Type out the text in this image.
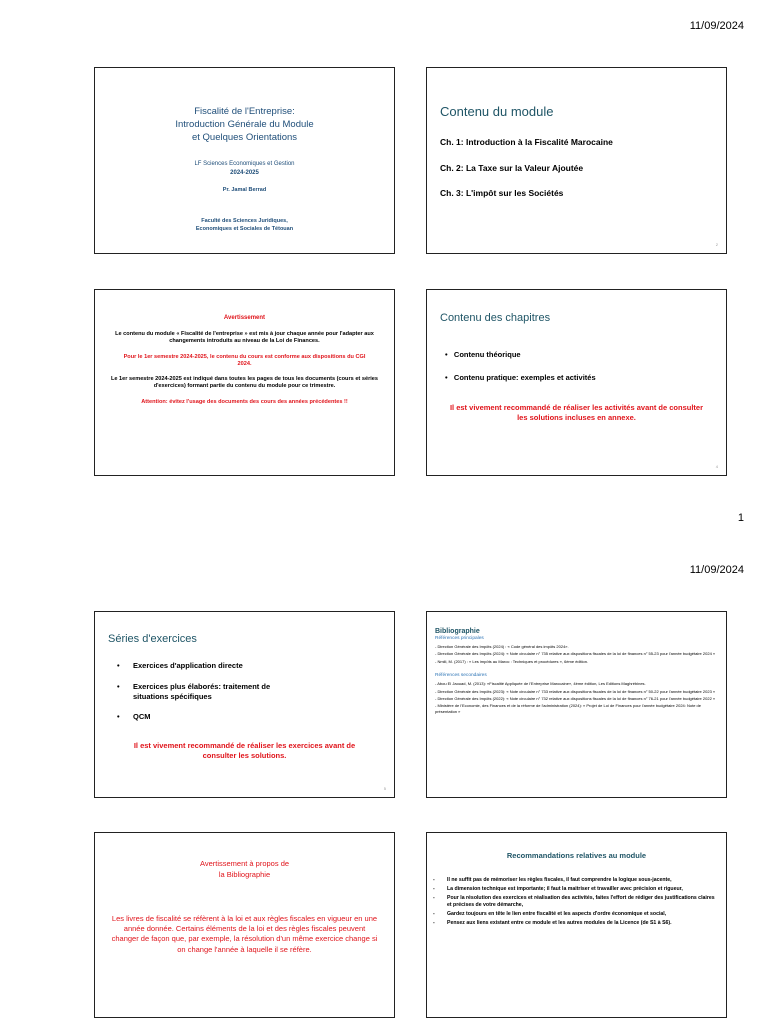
11/09/2024
Fiscalité de l'Entreprise:
Introduction Générale du Module
et Quelques Orientations
LF Sciences Economiques et Gestion
2024-2025
Pr. Jamal Berrad
Faculté des Sciences Juridiques,
Economiques et Sociales de Tétouan
Contenu du module
Ch. 1: Introduction à la Fiscalité Marocaine
Ch. 2: La Taxe sur la Valeur Ajoutée
Ch. 3: L'impôt sur les Sociétés
2
Avertissement
Le contenu du module « Fiscalité de l'entreprise » est mis à jour chaque année pour l'adapter aux changements introduits au niveau de la Loi de Finances.
Pour le 1er semestre 2024-2025, le contenu du cours est conforme aux dispositions du CGI 2024.
Le 1er semestre 2024-2025 est indiqué dans toutes les pages de tous les documents (cours et séries d'exercices) formant partie du contenu du module pour ce trimestre.
Attention: évitez l'usage des documents des cours des années précédentes !!
Contenu des chapitres
• Contenu théorique
• Contenu pratique: exemples et activités
Il est vivement recommandé de réaliser les activités avant de consulter les solutions incluses en annexe.
4
1
11/09/2024
Séries d'exercices
•	Exercices d'application directe
•	Exercices plus élaborés: traitement de situations spécifiques
•	QCM
Il est vivement recommandé de réaliser les exercices avant de consulter les solutions.
5
Bibliographie
Références principales
- Direction Générale des Impôts (2024) : « Code général des impôts 2024».
- Direction Générale des Impôts (2024): « Note circulaire n° 735 relative aux dispositions fiscales de la loi de finances n° 55-23 pour l'année budgétaire 2024 »
- Nmili, M. (2017) : « Les impôts au Maroc : Techniques et procédures », 6ème édition.
Références secondaires
- Abou El Jaouad, M. (2013): «Fiscalité Appliquée de l'Entreprise Marocaine», 4ème édition, Les Editions Maghrébines.
- Direction Générale des Impôts (2023): « Note circulaire n° 733 relative aux dispositions fiscales de la loi de finances n° 50-22 pour l'année budgétaire 2023 »
- Direction Générale des Impôts (2022): « Note circulaire n° 732 relative aux dispositions fiscales de la loi de finances n° 76-21 pour l'année budgétaire 2022 »
- Ministère de l'Economie, des Finances et de la réforme de l'administration (2024): « Projet de Loi de Finances pour l'année budgétaire 2024: Note de présentation »
Avertissement à propos de
la Bibliographie
Les livres de fiscalité se réfèrent à la loi et aux règles fiscales en vigueur en une année donnée. Certains éléments de la loi et des règles fiscales peuvent changer de façon que, par exemple, la résolution d'un même exercice change si on change l'année à laquelle il se réfère.
Recommandations relatives au module
-	Il ne suffit pas de mémoriser les règles fiscales, il faut comprendre la logique sous-jacente,
-	La dimension technique est importante; il faut la maitriser et travailler avec précision et rigueur,
-	Pour la résolution des exercices et réalisation des activités, faites l'effort de rédiger des justifications claires et précises de votre démarche,
-	Gardez toujours en tête le lien entre fiscalité et les aspects d'ordre économique et social,
-	Pensez aux liens existant entre ce module et les autres modules de la Licence (de S1 à S6).
